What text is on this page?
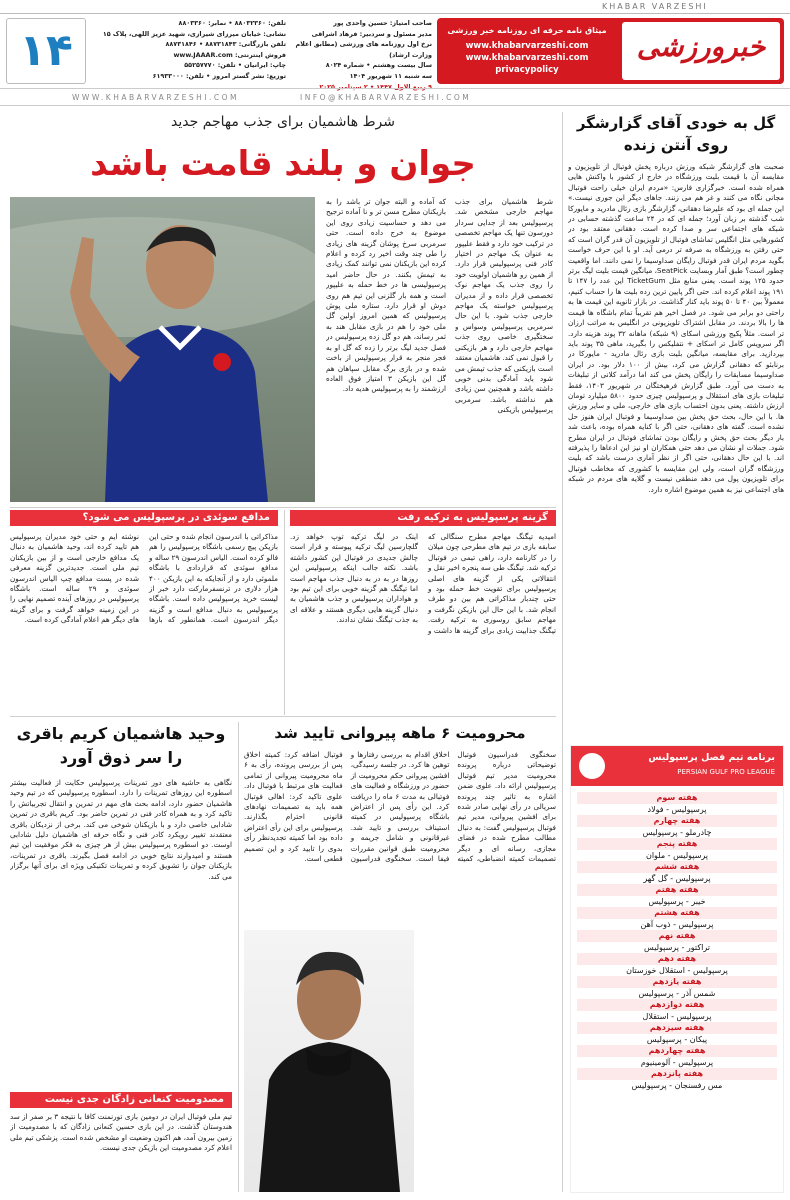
KHABAR VARZESHI
میثاق نامه حرفه ای روزنامه خبر ورزشی
www.khabarvarzeshi.com
www.khabarvarzeshi.com
privacypolicy
خبرورزشی
صاحب امتیاز: حسین واحدی پور
مدیر مسئول و سردبیر: فرهاد اشراقی
نرخ اول روزنامه های ورزشی (مطابق اعلام وزارت ارشاد)
سال بیست وهشتم • شماره ۸۰۲۴
سه شنبه ۱۱ شهریور ۱۴۰۴
۹ ربیع الاول ۱۴۴۷ • ۲ سپتامبر ۲۰۲۵
تلفن: ۸۸۰۳۲۳۶۰ • نمابر: ۸۸۰۳۳۶۰
نشانی: خیابان میرزای شیرازی، شهید عزیز اللهی، پلاک ۱۵
تلفن بازرگانی: ۸۸۷۳۱۸۴۳ • ۸۸۷۳۱۸۴۶
فروش اینترنتی: www.JAAAR.com
چاپ: ایرانیان • تلفن: ۵۵۲۵۷۷۷۰
توزیع: نشر گستر امروز • تلفن: ۶۱۹۳۳۰۰۰
۱۴
WWW.KHABARVARZESHI.COM	INFO@KHABARVARZESHI.COM
گل به خودی آقای گزارشگر
روی آنتن زنده
صحبت های گزارشگر شبکه ورزش درباره پخش فوتبال از تلویزیون و مقایسه آن با قیمت بلیت ورزشگاه در خارج از کشور با واکنش هایی همراه شده است. خبرگزاری فارس: «مردم ایران خیلی راحت فوتبال مجانی نگاه می کنند و غر هم می زنند. جاهای دیگر این جوری نیست.» این جمله ای بود که علیرضا دهقانی، گزارشگر بازی رئال مادرید و مایورکا شب گذشته بر زبان آورد؛ جمله ای که در ۲۴ ساعت گذشته حسابی در شبکه های اجتماعی سر و صدا کرده است. دهقانی معتقد بود در کشورهایی مثل انگلیس تماشای فوتبال از تلویزیون آن قدر گران است که حتی رفتن به ورزشگاه به صرفه تر درمی آید. او با این حرف خواست بگوید مردم ایران قدر فوتبال رایگان صداوسیما را نمی دانند. اما واقعیت چطور است؟ طبق آمار وبسایت SeatPick، میانگین قیمت بلیت لیگ برتر حدود ۱۲۵ پوند است. یعنی منابع مثل TicketGum این عدد را ۱۴۷ تا ۱۹۱ پوند اعلام کرده اند. حتی اگر پایین ترین رده بلیت ها را حساب کنیم، معمولاً بین ۴۰ تا ۵۰ پوند باید کنار گذاشت. در بازار ثانویه این قیمت ها به راحتی دو برابر می شود. در فصل اخیر هم تقریباً تمام باشگاه ها قیمت ها را بالا بردند. در مقابل اشتراک تلویزیونی در انگلیس به مراتب ارزان تر است. مثلاً پکیج ورزشی اسکای (۹ شبکه) ماهانه ۳۲ پوند هزینه دارد. اگر سرویس کامل تر اسکای + نتفلیکس را بگیرید، ماهی ۳۵ پوند باید بپردازید. برای مقایسه، میانگین بلیت بازی رئال مادرید - مایورکا در برنابئو که دهقانی گزارش می کرد، بیش از ۱۰۰ دلار بود. در ایران صداوسیما مسابقات را رایگان پخش می کند اما درآمد کلانی از تبلیغات به دست می آورد. طبق گزارش فرهیختگان در شهریور ۱۴۰۳، فقط تبلیغات بازی های استقلال و پرسپولیس چیزی حدود ۵۸۰۰ میلیارد تومان ارزش داشته. یعنی بدون احتساب بازی های خارجی، ملی و سایر ورزش ها. با این حال، بحث حق پخش بین صداوسیما و فوتبال ایران هنوز حل نشده است. گفته های دهقانی، حتی اگر با کنایه همراه بوده، باعث شد بار دیگر بحث حق پخش و رایگان بودن تماشای فوتبال در ایران مطرح شود. جملات او نشان می دهد حتی همکاران او نیز این ادعاها را پذیرفته اند. با این حال دهقانی، حتی اگر از نظر آماری درست باشد که بلیت ورزشگاه گران است، ولی این مقایسه با کشوری که مخاطب فوتبال برای تلویزیون پول می دهد منطقی نیست و گلایه های مردم در شبکه های اجتماعی نیز به همین موضوع اشاره دارد.
برنامه تیم فصل پرسپولیس
PERSIAN GULF PRO LEAGUE
هفته سوم
پرسپولیس - فولاد
هفته چهارم
چادرملو - پرسپولیس
هفته پنجم
پرسپولیس - ملوان
هفته ششم
پرسپولیس - گل گهر
هفته هفتم
خیبر - پرسپولیس
هفته هشتم
پرسپولیس - ذوب آهن
هفته نهم
تراکتور - پرسپولیس
هفته دهم
پرسپولیس - استقلال خوزستان
هفته یازدهم
شمس آذر - پرسپولیس
هفته دوازدهم
پرسپولیس - استقلال
هفته سیزدهم
پیکان - پرسپولیس
هفته چهاردهم
پرسپولیس - آلومینیوم
هفته پانزدهم
مس رفسنجان - پرسپولیس
شرط هاشمیان برای جذب مهاجم جدید
جوان و بلند قامت باشد
شرط هاشمیان برای جذب مهاجم خارجی مشخص شد. پرسپولیس بعد از جدایی سردار دورسون تنها یک مهاجم تخصصی در ترکیب خود دارد و فقط علیپور به عنوان یک مهاجم در اختیار کادر فنی پرسپولیس قرار دارد. از همین رو هاشمیان اولویت خود را روی جذب یک مهاجم نوک تخصصی قرار داده و از مدیران پرسپولیس خواسته یک مهاجم خارجی جذب شود. با این حال سرمربی پرسپولیس وسواس و سختگیری خاصی روی جذب مهاجم خارجی دارد و هر بازیکنی را قبول نمی کند. هاشمیان معتقد است بازیکنی که جذب تیمش می شود باید آمادگی بدنی خوبی داشته باشد و همچنین سن زیادی هم نداشته باشد. سرمربی پرسپولیس بازیکنی
که آماده و البته جوان تر باشد را به بازیکنان مطرح مسن تر و نا آماده ترجیح می دهد و حساسیت زیادی روی این موضوع به خرج داده است. حتی سرمربی سرخ پوشان گزینه های زیادی را طی چند وقت اخیر رد کرده و اعلام کرده این بازیکنان نمی توانند کمک زیادی به تیمش بکنند. در حال حاضر امید پرسپولیسی ها در خط حمله به علیپور است و همه بار گلزنی این تیم هم روی دوش او قرار دارد. ستاره ملی پوش پرسپولیس که همین امروز اولین گل ملی خود را هم در بازی مقابل هند به ثمر رساند، هم دو گل زده پرسپولیس در فصل جدید لیگ برتر را زده که گل او به فجر منجر به قرار پرسپولیس از باخت شده و در بازی برگ مقابل سپاهان هم گل این بازیکن ۳ امتیاز فوق العاده ارزشمند را به پرسپولیس هدیه داد.
گزینه پرسپولیس به ترکیه رفت
امیدیه تیگنگ مهاجم مطرح سنگالی که سابقه بازی در تیم های مطرحی چون میلان را در کارنامه دارد، راهی تیمی در فوتبال ترکیه شد. تیگنگ طی سه پنجره اخیر نقل و انتقالاتی یکی از گزینه های اصلی پرسپولیس برای تقویت خط حمله بود و حتی چندبار مذاکراتی هم بین دو طرف انجام شد. با این حال این بازیکن نگرفت و مهاجم سابق روسوری به ترکیه رفت. تیگنگ جذابیت زیادی برای گزینه ها داشت و اینک در لیگ ترکیه توپ خواهد زد. گلچارسین لیگ ترکیه پیوسته و قرار است چالش جدیدی در فوتبال این کشور داشته باشد. نکته جالب اینکه پرسپولیس این روزها در به در به دنبال جذب مهاجم است اما تیگنگ هم گزینه خوبی برای این تیم بود و هواداران پرسپولیس و جذب هاشمیان به دنبال گزینه هایی دیگری هستند و علاقه ای به جذب تیگنگ نشان ندادند.
مدافع سوئدی در پرسپولیس می شود؟
مذاکراتی با اندرسون انجام شده و حتی این بازیکن پیچ رسمی باشگاه پرسپولیس را هم فالو کرده است. الیاس اندرسون ۲۹ ساله و مدافع سوئدی که قراردادی با باشگاه ملموئی دارد و از آنجایکه به این بازیکن ۴۰۰ هزار دلاری در ترنسفرمارکت دارد خبر از لیست خرید پرسپولیس داده است. باشگاه پرسپولیس به دنبال مدافع است و گزینه دیگر اندرسون است. همانطور که بارها نوشته ایم و حتی خود مدیران پرسپولیس هم تایید کرده اند، وحید هاشمیان به دنبال یک مدافع خارجی است و از بین بازیکنان تیم ملی است. جدیدترین گزینه معرفی شده در پست مدافع چپ الیاس اندرسون سوئدی و ۲۹ ساله است. باشگاه پرسپولیس در روزهای آینده تصمیم نهایی را در این زمینه خواهد گرفت و برای گزینه های دیگر هم اعلام آمادگی کرده است.
محرومیت ۶ ماهه پیروانی تایید شد
سخنگوی فدراسیون فوتبال توضیحاتی درباره پرونده محرومیت مدیر تیم فوتبال پرسپولیس ارائه داد. علوی ضمن اشاره به تاثیر چند پرونده سریالی در رأی نهایی صادر شده برای افشین پیروانی، مدیر تیم فوتبال پرسپولیس گفت: به دنبال مطالب مطرح شده در فضای مجازی، رسانه ای و دیگر تصمیمات کمیته انضباطی، کمیته اخلاق اقدام به بررسی رفتارها و توهین ها کرد. در جلسه رسیدگی، افشین پیروانی حکم محرومیت از حضور در ورزشگاه و فعالیت های فوتبالی به مدت ۶ ماه را دریافت کرد. این رأی پس از اعتراض باشگاه پرسپولیس در کمیته استیناف بررسی و تایید شد. غیرقانونی و شامل جریمه و محرومیت طبق قوانین مقررات فیفا است. سخنگوی فدراسیون فوتبال اضافه کرد: کمیته اخلاق پس از بررسی پرونده، رأی به ۶ ماه محرومیت پیروانی از تمامی فعالیت های مرتبط با فوتبال داد. علوی تاکید کرد: اهالی فوتبال همه باید به تصمیمات نهادهای قانونی احترام بگذارند. پرسپولیس برای این رأی اعتراض داده بود اما کمیته تجدیدنظر رأی بدوی را تایید کرد و این تصمیم قطعی است.
وحید هاشمیان کریم باقری
را سر ذوق آورد
نگاهی به حاشیه های دور تمرینات پرسپولیس حکایت از فعالیت بیشتر اسطوره این روزهای تمرینات را دارد. اسطوره پرسپولیس که در تیم وحید هاشمیان حضور دارد، ادامه بحث های مهم در تمرین و انتقال تجربیاتش را تاکید کرد و به همراه کادر فنی در تمرین حاضر بود. کریم باقری در تمرین شادابی خاصی دارد و با بازیکنان شوخی می کند. برخی از نزدیکان باقری معتقدند تغییر رویکرد کادر فنی و نگاه حرفه ای هاشمیان دلیل شادابی اوست. دو اسطوره پرسپولیس بیش از هر چیزی به فکر موفقیت این تیم هستند و امیدوارند نتایج خوبی در ادامه فصل بگیرند. باقری در تمرینات، بازیکنان جوان را تشویق کرده و تمرینات تکنیکی ویژه ای برای آنها برگزار می کند.
مصدومیت کنعانی زادگان جدی نیست
تیم ملی فوتبال ایران در دومین بازی تورنمنت کافا با نتیجه ۳ بر صفر از سد هندوستان گذشت. در این بازی حسین کنعانی زادگان که با مصدومیت از زمین بیرون آمد، هم اکنون وضعیت او مشخص شده است. پزشکی تیم ملی اعلام کرد مصدومیت این بازیکن جدی نیست.
